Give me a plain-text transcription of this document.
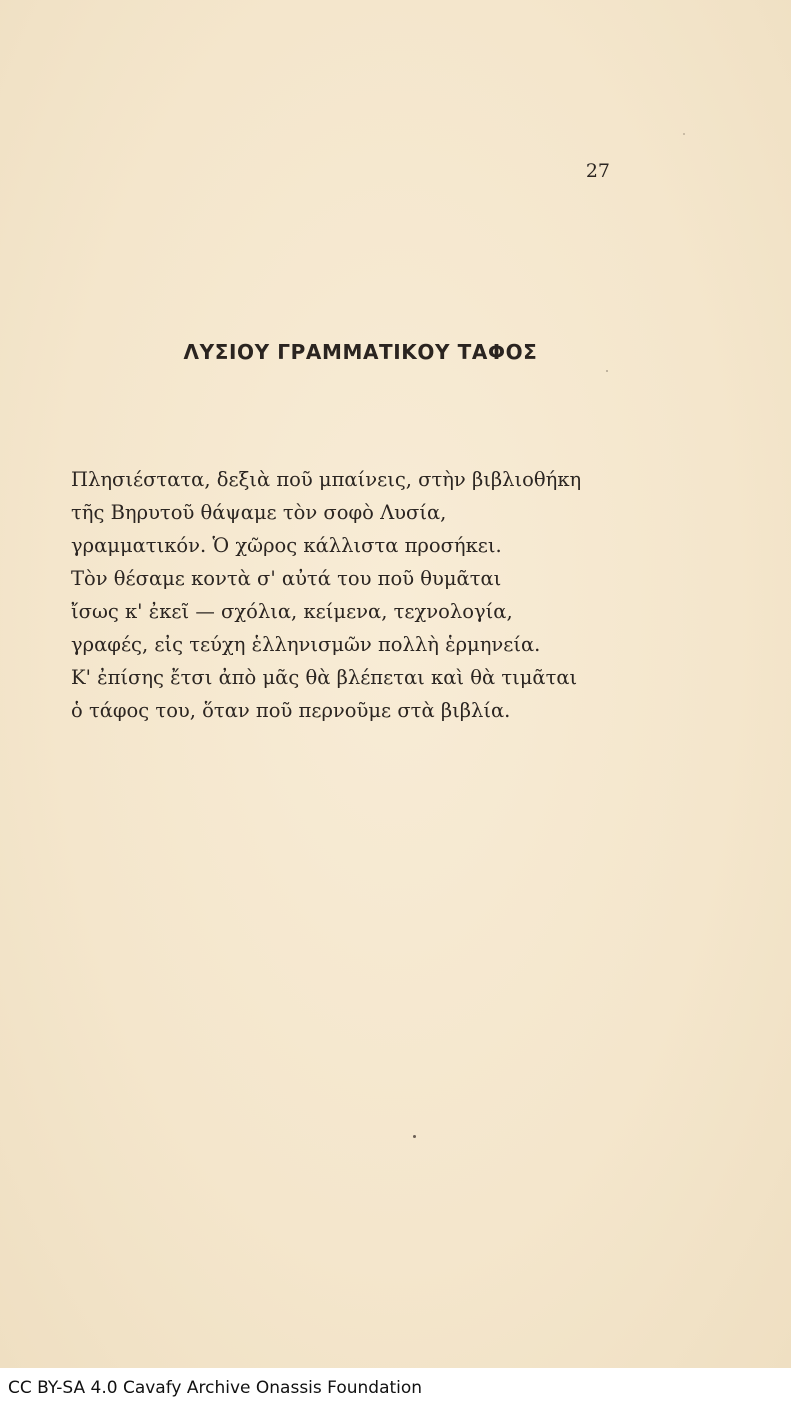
27
ΛΥΣΙΟΥ ΓΡΑΜΜΑΤΙΚΟΥ ΤΑΦΟΣ
Πλησιέστατα, δεξιὰ ποῦ μπαίνεις, στὴν βιβλιοθήκη
τῆς Βηρυτοῦ θάψαμε τὸν σοφὸ Λυσία,
γραμματικόν. Ὁ χῶρος κάλλιστα προσήκει.
Τὸν θέσαμε κοντὰ σ' αὐτά του ποῦ θυμᾶται
ἴσως κ' ἐκεῖ — σχόλια, κείμενα, τεχνολογία,
γραφές, εἰς τεύχη ἑλληνισμῶν πολλὴ ἑρμηνεία.
Κ' ἐπίσης ἔτσι ἀπὸ μᾶς θὰ βλέπεται καὶ θὰ τιμᾶται
ὁ τάφος του, ὅταν ποῦ περνοῦμε στὰ βιβλία.
CC BY-SA 4.0 Cavafy Archive Onassis Foundation
